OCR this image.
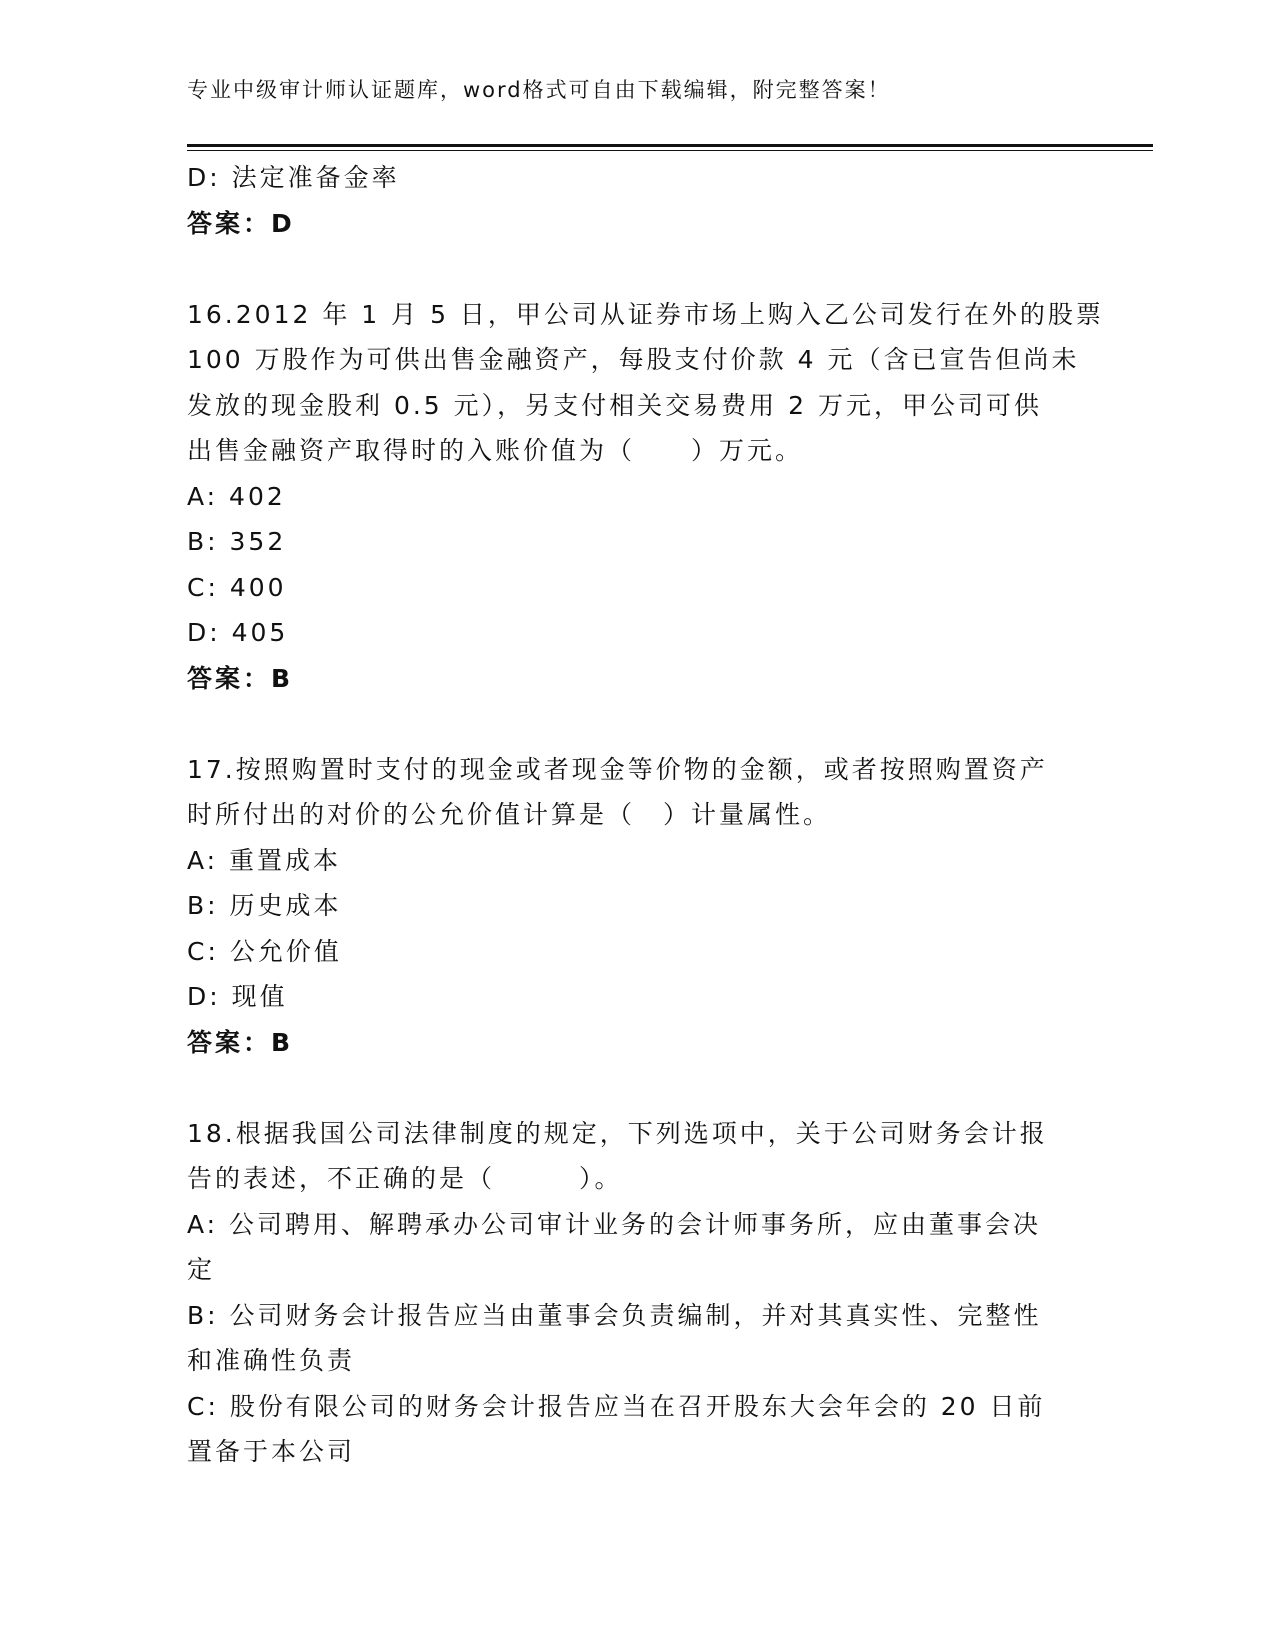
专业中级审计师认证题库，word格式可自由下载编辑，附完整答案！
D: 法定准备金率
答案：D
16.2012 年 1 月 5 日，甲公司从证券市场上购入乙公司发行在外的股票
100 万股作为可供出售金融资产，每股支付价款 4 元（含已宣告但尚未
发放的现金股利 0.5 元），另支付相关交易费用 2 万元，甲公司可供
出售金融资产取得时的入账价值为（　　）万元。
A: 402
B: 352
C: 400
D: 405
答案：B
17.按照购置时支付的现金或者现金等价物的金额，或者按照购置资产
时所付出的对价的公允价值计算是（　）计量属性。
A: 重置成本
B: 历史成本
C: 公允价值
D: 现值
答案：B
18.根据我国公司法律制度的规定，下列选项中，关于公司财务会计报
告的表述，不正确的是（　　　）。
A: 公司聘用、解聘承办公司审计业务的会计师事务所，应由董事会决
定
B: 公司财务会计报告应当由董事会负责编制，并对其真实性、完整性
和准确性负责
C: 股份有限公司的财务会计报告应当在召开股东大会年会的 20 日前
置备于本公司
